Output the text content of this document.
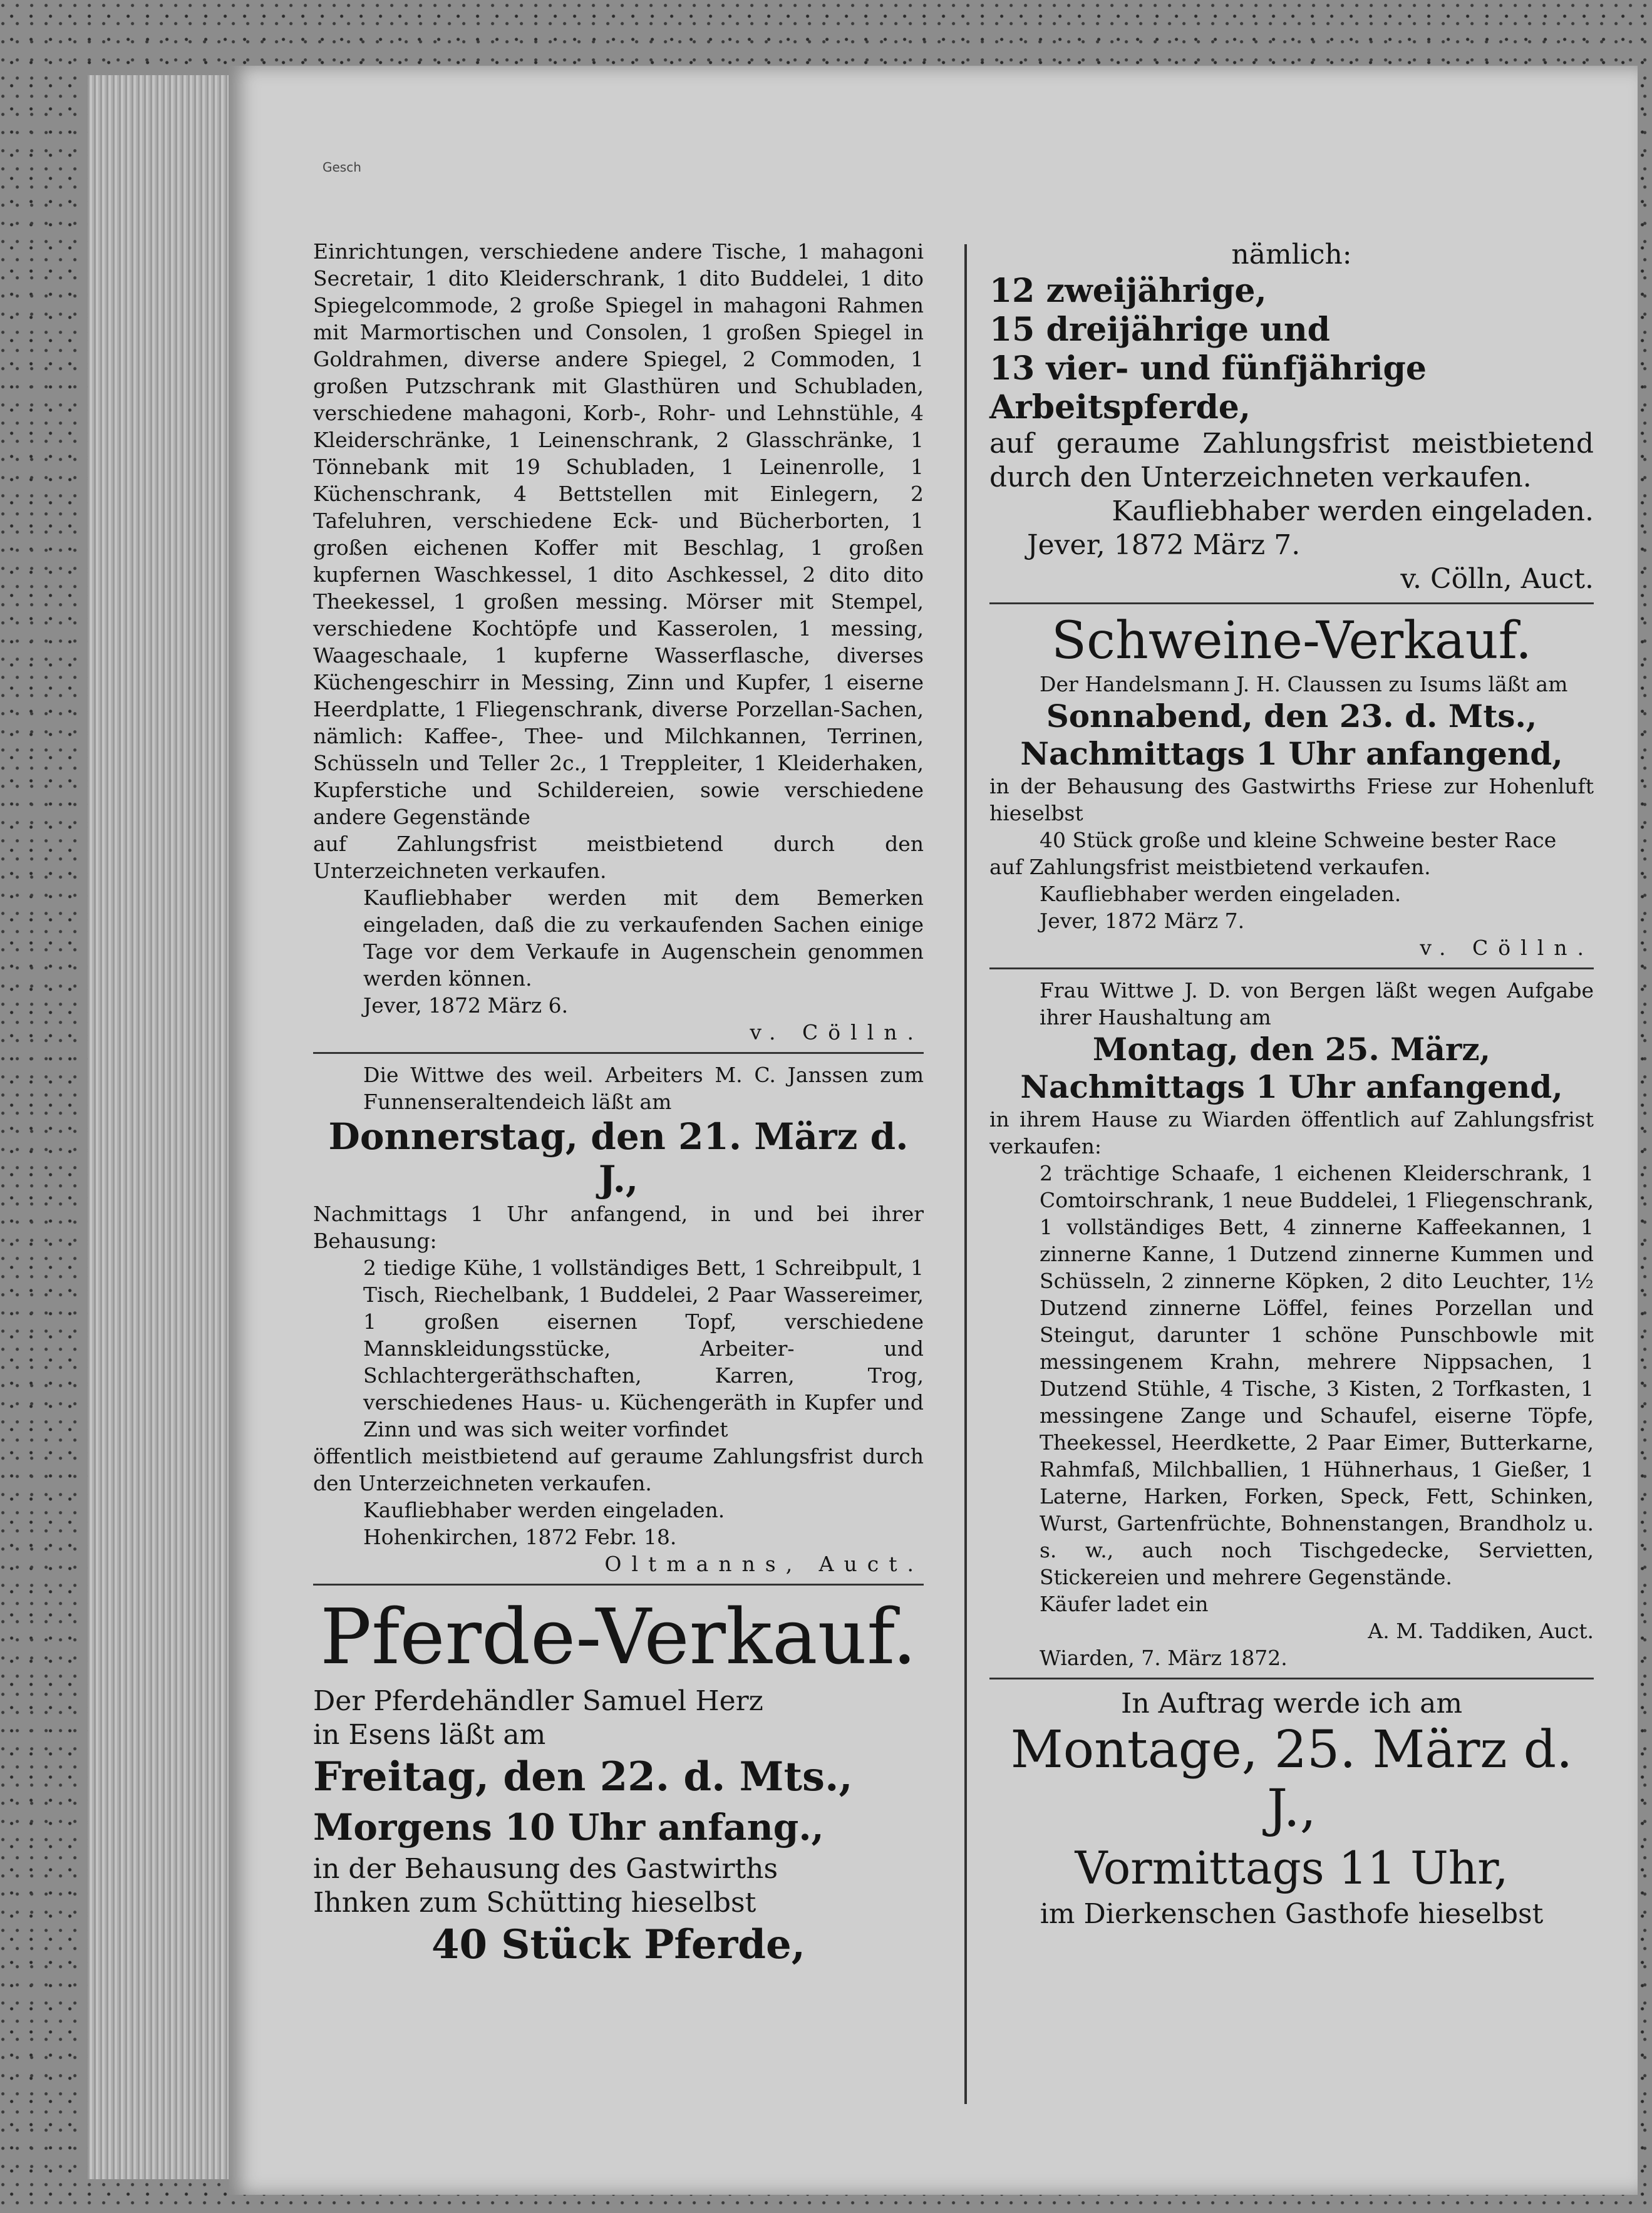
Gesch

Einrichtungen, verschiedene andere Tische, 1 mahagoni Secretair, 1 dito Kleiderschrank, 1 dito Buddelei, 1 dito Spiegelcommode, 2 große Spiegel in mahagoni Rahmen mit Marmortischen und Consolen, 1 großen Spiegel in Goldrahmen, diverse andere Spiegel, 2 Commoden, 1 großen Putzschrank mit Glasthüren und Schubladen, verschiedene mahagoni, Korb-, Rohr- und Lehnstühle, 4 Kleiderschränke, 1 Leinenschrank, 2 Glasschränke, 1 Tönnebank mit 19 Schubladen, 1 Leinenrolle, 1 Küchenschrank, 4 Bettstellen mit Einlegern, 2 Tafeluhren, verschiedene Eck- und Bücherborten, 1 großen eichenen Koffer mit Beschlag, 1 großen kupfernen Waschkessel, 1 dito Aschkessel, 2 dito dito Theekessel, 1 großen messing. Mörser mit Stempel, verschiedene Kochtöpfe und Kasserolen, 1 messing, Waageschaale, 1 kupferne Wasserflasche, diverses Küchengeschirr in Messing, Zinn und Kupfer, 1 eiserne Heerdplatte, 1 Fliegenschrank, diverse Porzellan-Sachen, nämlich: Kaffee-, Thee- und Milchkannen, Terrinen, Schüsseln und Teller 2c., 1 Treppleiter, 1 Kleiderhaken, Kupferstiche und Schildereien, sowie verschiedene andere Gegenstände

auf Zahlungsfrist meistbietend durch den Unterzeichneten verkaufen.

Kaufliebhaber werden mit dem Bemerken eingeladen, daß die zu verkaufenden Sachen einige Tage vor dem Verkaufe in Augenschein genommen werden können.

Jever, 1872 März 6.

v. Cölln.

Die Wittwe des weil. Arbeiters M. C. Janssen zum Funnenseraltendeich läßt am

Donnerstag, den 21. März d. J.,

Nachmittags 1 Uhr anfangend, in und bei ihrer Behausung:

2 tiedige Kühe, 1 vollständiges Bett, 1 Schreibpult, 1 Tisch, Riechelbank, 1 Buddelei, 2 Paar Wassereimer, 1 großen eisernen Topf, verschiedene Mannskleidungsstücke, Arbeiter- und Schlachtergeräthschaften, Karren, Trog, verschiedenes Haus- u. Küchengeräth in Kupfer und Zinn und was sich weiter vorfindet

öffentlich meistbietend auf geraume Zahlungsfrist durch den Unterzeichneten verkaufen.

Kaufliebhaber werden eingeladen.

Hohenkirchen, 1872 Febr. 18.

Oltmanns, Auct.

Pferde-Verkauf.

Der Pferdehändler Samuel Herz

in Esens läßt am

Freitag, den 22. d. Mts.,

Morgens 10 Uhr anfang.,

in der Behausung des Gastwirths

Ihnken zum Schütting hieselbst

40 Stück Pferde,

nämlich:

12 zweijährige,

15 dreijährige und

13 vier- und fünfjährige Arbeitspferde,

auf geraume Zahlungsfrist meistbietend durch den Unterzeichneten verkaufen.

Kaufliebhaber werden eingeladen.

Jever, 1872 März 7.

v. Cölln, Auct.

Schweine-Verkauf.

Der Handelsmann J. H. Claussen zu Isums läßt am

Sonnabend, den 23. d. Mts.,

Nachmittags 1 Uhr anfangend,

in der Behausung des Gastwirths Friese zur Hohenluft hieselbst

40 Stück große und kleine Schweine bester Race

auf Zahlungsfrist meistbietend verkaufen.

Kaufliebhaber werden eingeladen.

Jever, 1872 März 7.

v. Cölln.

Frau Wittwe J. D. von Bergen läßt wegen Aufgabe ihrer Haushaltung am

Montag, den 25. März,

Nachmittags 1 Uhr anfangend,

in ihrem Hause zu Wiarden öffentlich auf Zahlungsfrist verkaufen:

2 trächtige Schaafe, 1 eichenen Kleiderschrank, 1 Comtoirschrank, 1 neue Buddelei, 1 Fliegenschrank, 1 vollständiges Bett, 4 zinnerne Kaffeekannen, 1 zinnerne Kanne, 1 Dutzend zinnerne Kummen und Schüsseln, 2 zinnerne Köpken, 2 dito Leuchter, 1½ Dutzend zinnerne Löffel, feines Porzellan und Steingut, darunter 1 schöne Punschbowle mit messingenem Krahn, mehrere Nippsachen, 1 Dutzend Stühle, 4 Tische, 3 Kisten, 2 Torfkasten, 1 messingene Zange und Schaufel, eiserne Töpfe, Theekessel, Heerdkette, 2 Paar Eimer, Butterkarne, Rahmfaß, Milchballien, 1 Hühnerhaus, 1 Gießer, 1 Laterne, Harken, Forken, Speck, Fett, Schinken, Wurst, Gartenfrüchte, Bohnenstangen, Brandholz u. s. w., auch noch Tischgedecke, Servietten, Stickereien und mehrere Gegenstände.

Käufer ladet ein

A. M. Taddiken, Auct.

Wiarden, 7. März 1872.

In Auftrag werde ich am

Montage, 25. März d. J.,

Vormittags 11 Uhr,

im Dierkenschen Gasthofe hieselbst
